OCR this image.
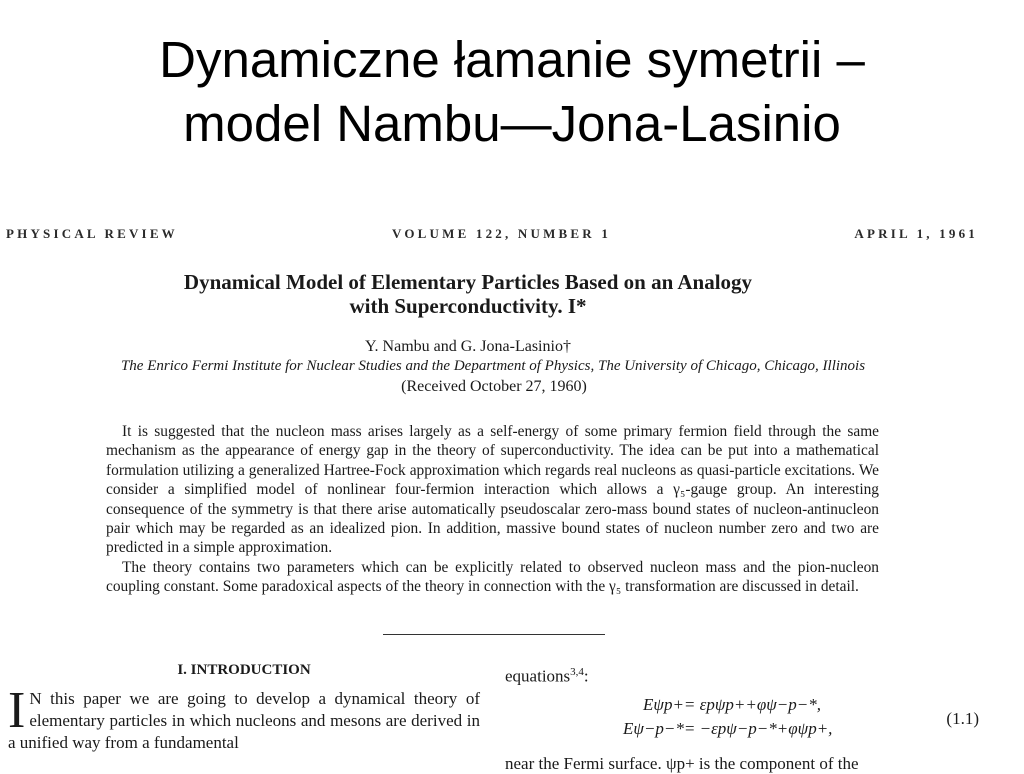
Dynamiczne łamanie symetrii –
model Nambu—Jona-Lasinio
PHYSICAL REVIEW	VOLUME 122, NUMBER 1	APRIL 1, 1961
Dynamical Model of Elementary Particles Based on an Analogy
with Superconductivity. I*
Y. Nambu and G. Jona-Lasinio†
The Enrico Fermi Institute for Nuclear Studies and the Department of Physics, The University of Chicago, Chicago, Illinois
(Received October 27, 1960)

It is suggested that the nucleon mass arises largely as a self-energy of some primary fermion field through the same mechanism as the appearance of energy gap in the theory of superconductivity. The idea can be put into a mathematical formulation utilizing a generalized Hartree-Fock approximation which regards real nucleons as quasi-particle excitations. We consider a simplified model of nonlinear four-fermion interaction which allows a γ₅-gauge group. An interesting consequence of the symmetry is that there arise automatically pseudoscalar zero-mass bound states of nucleon-antinucleon pair which may be regarded as an idealized pion. In addition, massive bound states of nucleon number zero and two are predicted in a simple approximation.

The theory contains two parameters which can be explicitly related to observed nucleon mass and the pion-nucleon coupling constant. Some paradoxical aspects of the theory in connection with the γ₅ transformation are discussed in detail.

I. INTRODUCTION
I N this paper we are going to develop a dynamical theory of elementary particles in which nucleons and mesons are derived in a unified way from a fundamental
equations$^{3,4}$:
Eψp+= εpψp++φψ−p−*,
Eψ−p−*= −εpψ−p−*+φψp+,
(1.1)
near the Fermi surface. ψp+ is the component of the
